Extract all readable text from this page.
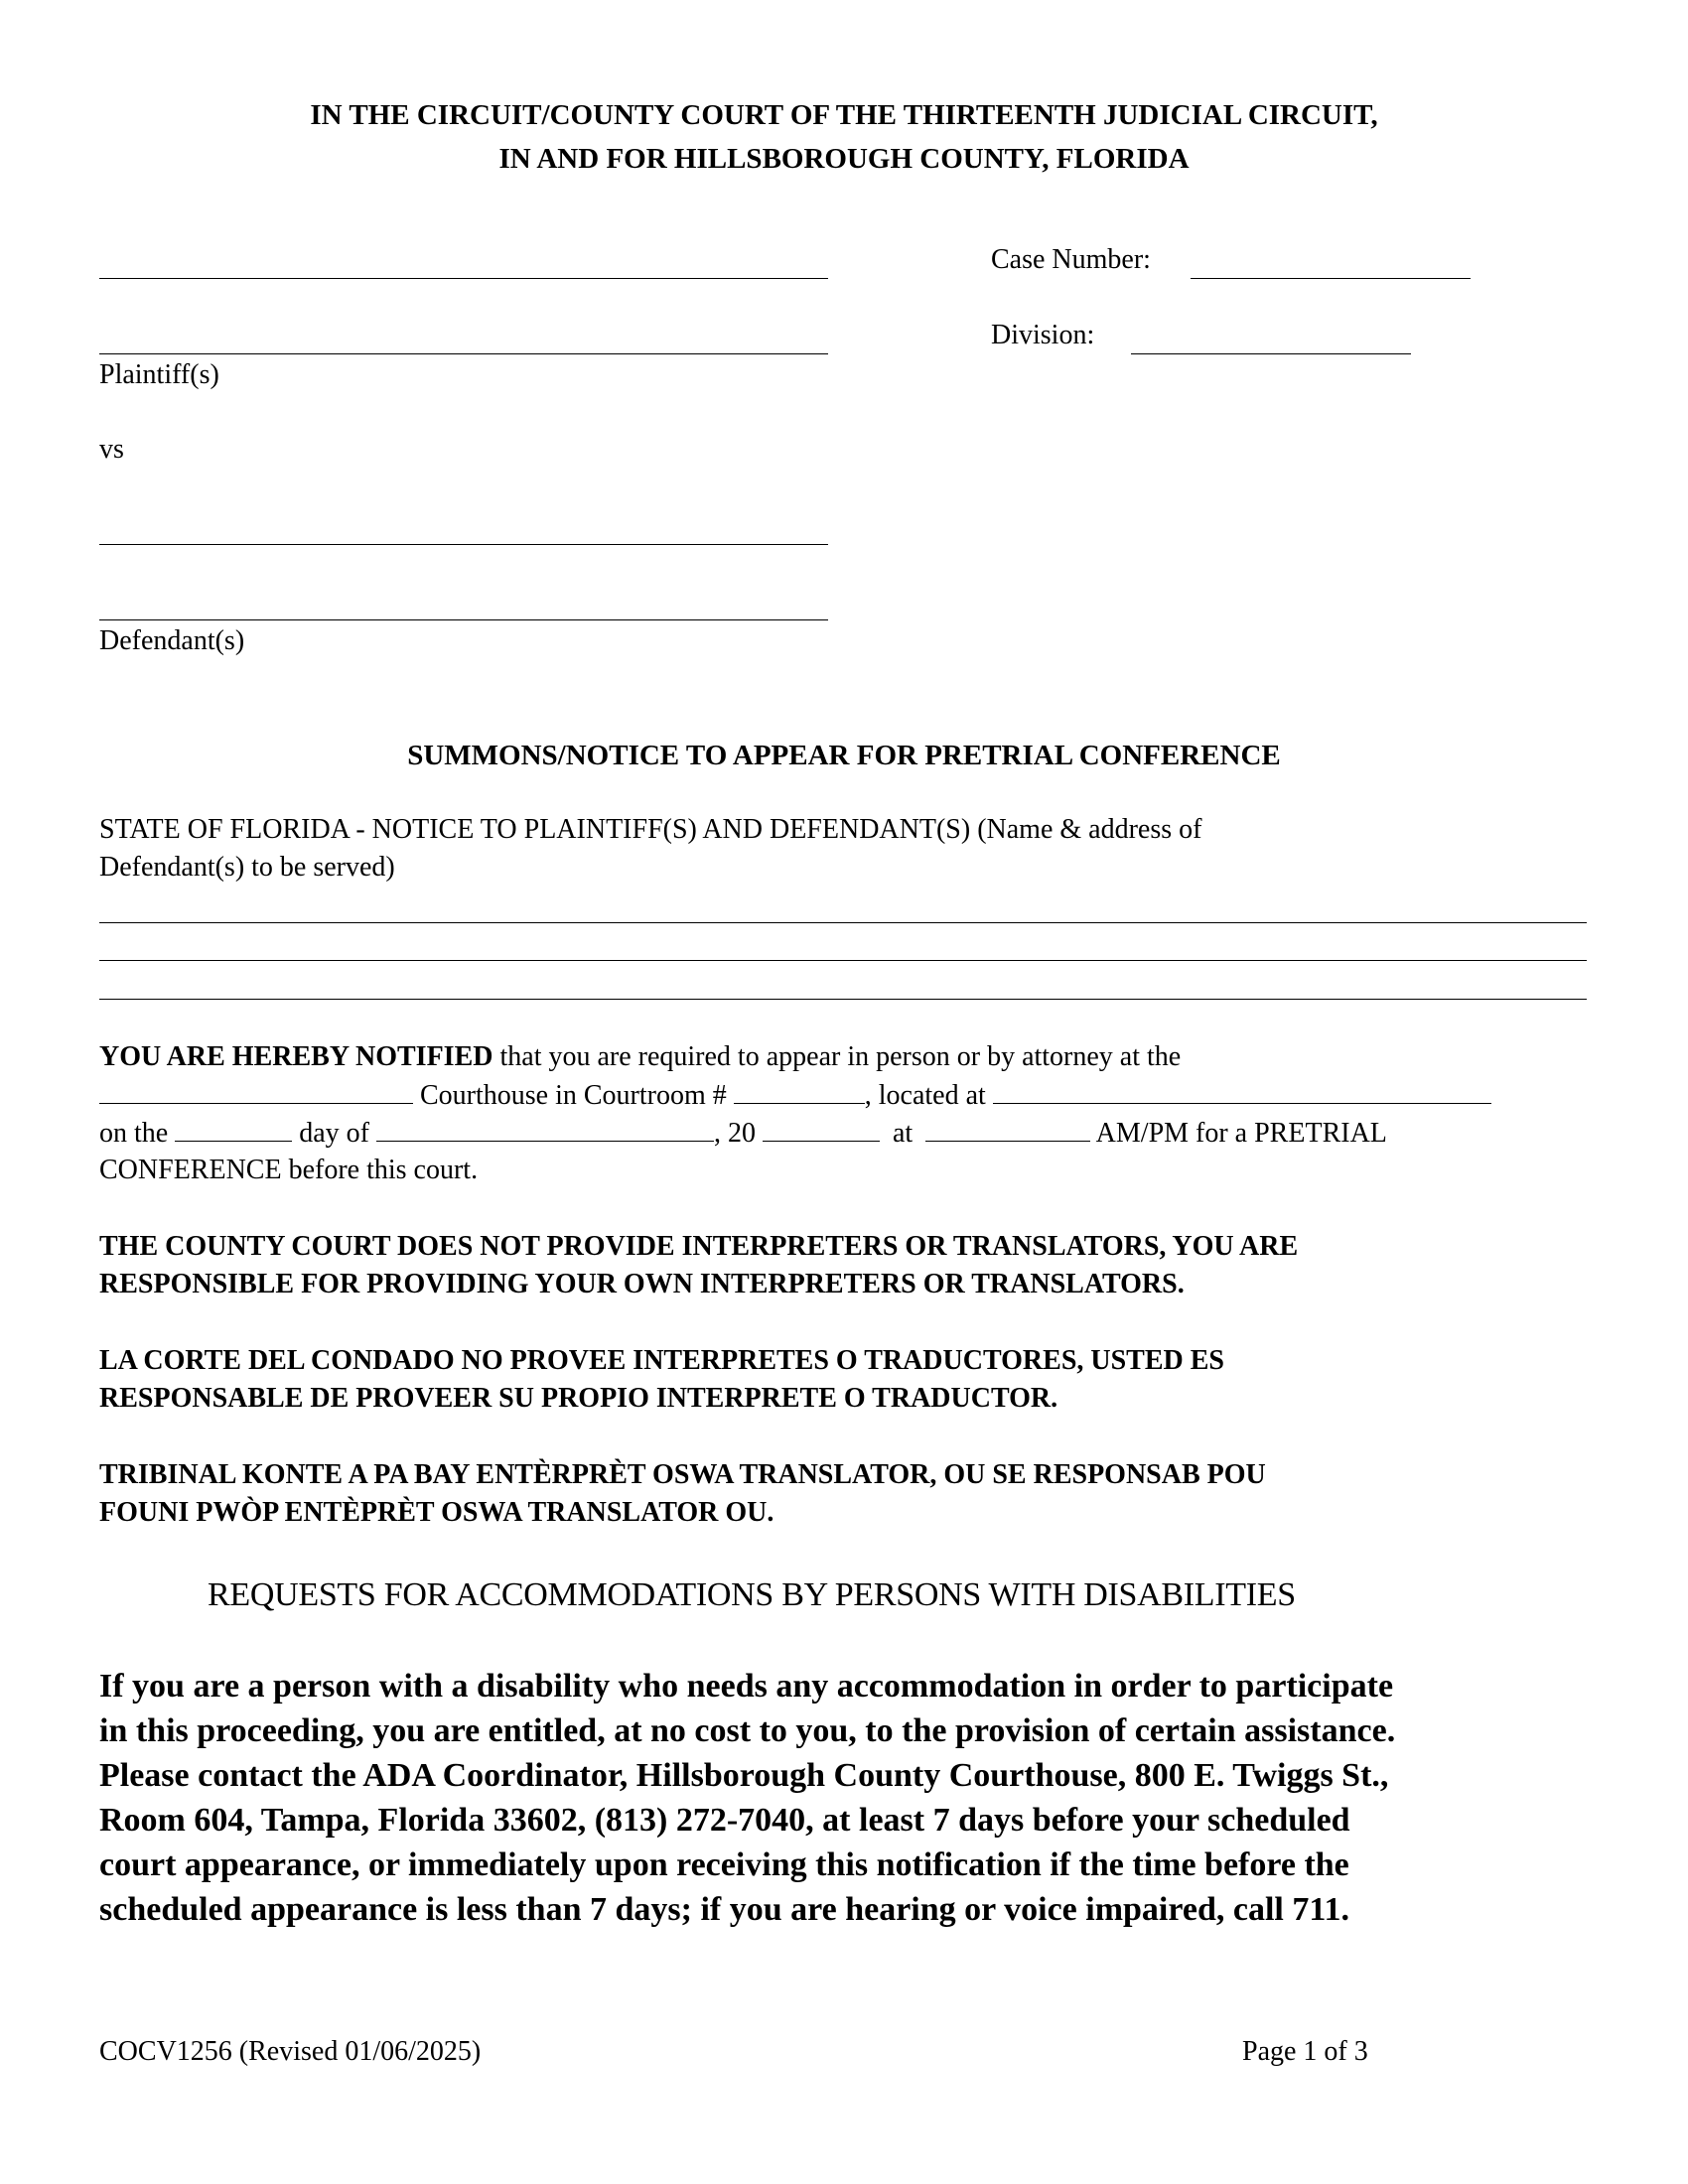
IN THE CIRCUIT/COUNTY COURT OF THE THIRTEENTH JUDICIAL CIRCUIT,
IN AND FOR HILLSBOROUGH COUNTY, FLORIDA
Plaintiff(s)
vs
Defendant(s)
Case Number:
Division:
SUMMONS/NOTICE TO APPEAR FOR PRETRIAL CONFERENCE
STATE OF FLORIDA - NOTICE TO PLAINTIFF(S) AND DEFENDANT(S) (Name & address of
Defendant(s) to be served)
YOU ARE HEREBY NOTIFIED that you are required to appear in person or by attorney at the
Courthouse in Courtroom #	, located at
on the	day of	, 20	at	AM/PM for a PRETRIAL
CONFERENCE before this court.
THE COUNTY COURT DOES NOT PROVIDE INTERPRETERS OR TRANSLATORS, YOU ARE
RESPONSIBLE FOR PROVIDING YOUR OWN INTERPRETERS OR TRANSLATORS.
LA CORTE DEL CONDADO NO PROVEE INTERPRETES O TRADUCTORES, USTED ES
RESPONSABLE DE PROVEER SU PROPIO INTERPRETE O TRADUCTOR.
TRIBINAL KONTE A PA BAY ENTÈRPRÈT OSWA TRANSLATOR, OU SE RESPONSAB POU
FOUNI PWÒP ENTÈPRÈT OSWA TRANSLATOR OU.
REQUESTS FOR ACCOMMODATIONS BY PERSONS WITH DISABILITIES
If you are a person with a disability who needs any accommodation in order to participate
in this proceeding, you are entitled, at no cost to you, to the provision of certain assistance.
Please contact the ADA Coordinator, Hillsborough County Courthouse, 800 E. Twiggs St.,
Room 604, Tampa, Florida 33602, (813) 272-7040, at least 7 days before your scheduled
court appearance, or immediately upon receiving this notification if the time before the
scheduled appearance is less than 7 days; if you are hearing or voice impaired, call 711.
COCV1256 (Revised 01/06/2025)	Page 1 of 3
